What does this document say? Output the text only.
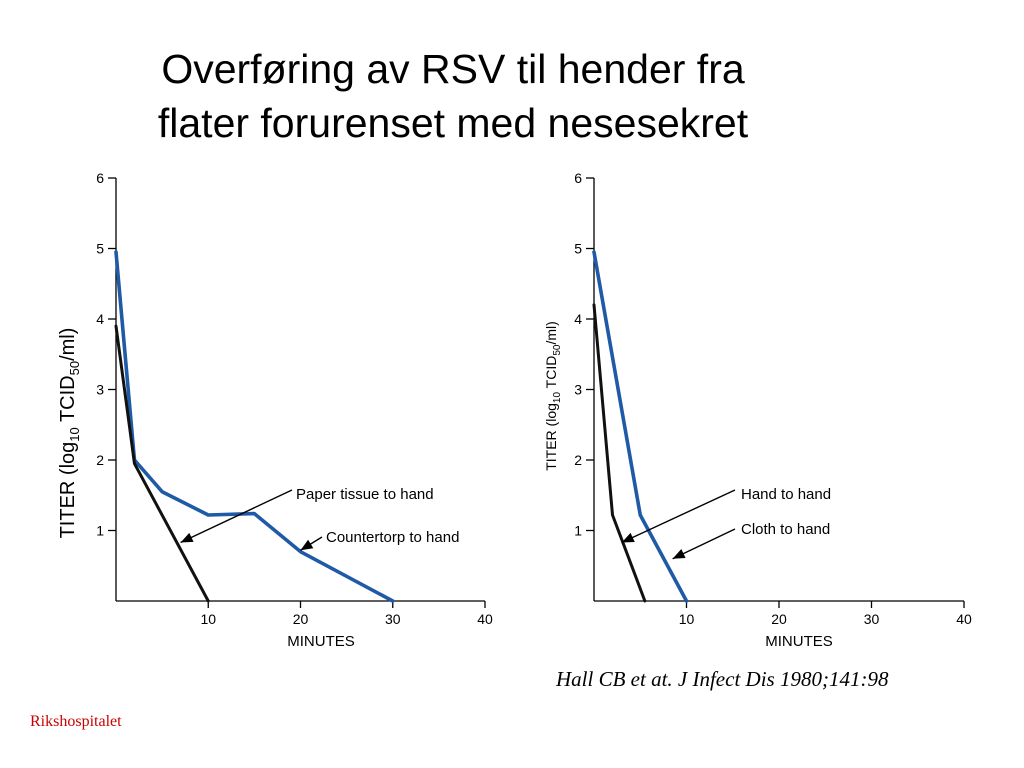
Overføring av RSV til hender fra
flater forurenset med nesesekret
TITER ($\log_{10}$ $TCID_{50}/ml$)
MINUTES
1
2
3
4
5
6
10	20	30	40
Paper tissue to hand
Countertorp to hand
TITER ($\log_{10}$ $TCID_{50}/ml$)
MINUTES
1
2
3
4
5
6
10	20	30	40
Hand to hand
Cloth to hand
Hall CB et at. J Infect Dis 1980;141:98
Rikshospitalet
